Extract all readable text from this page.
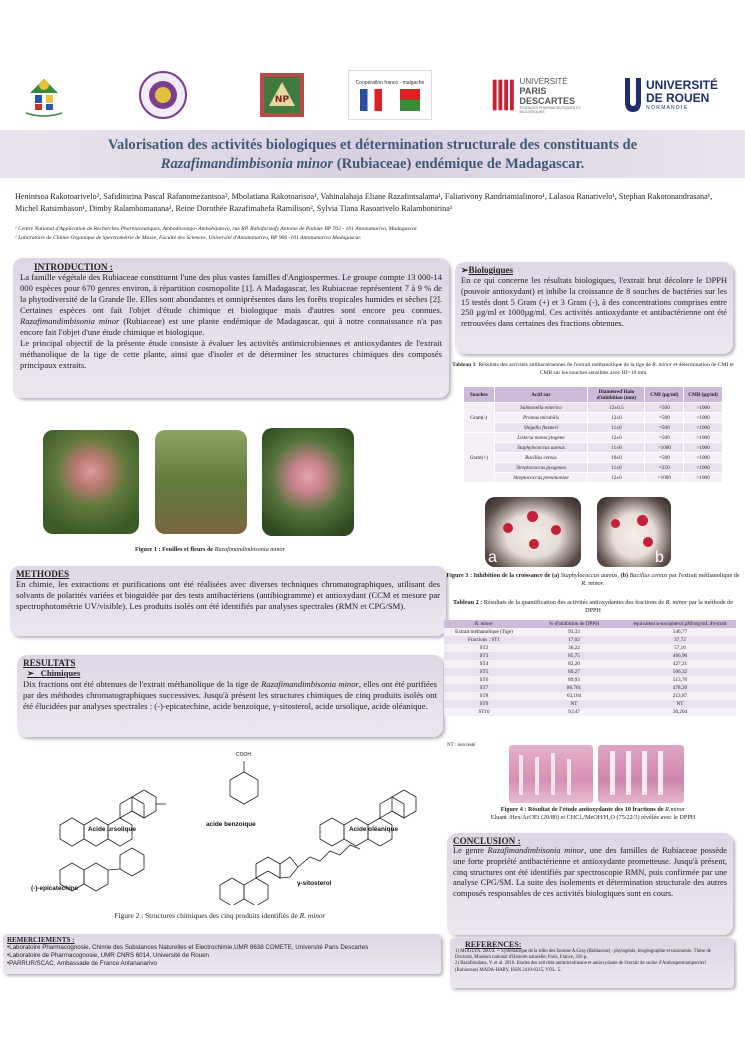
NP
Coopération franco - malgache	UNIVERSITÉ
PARIS DESCARTES
SCIENCES PHARMACEUTIQUES ET BIOLOGIQUES
UNIVERSITÉ
DE ROUEN
N O R M A N D I E
Valorisation des activités biologiques et détermination structurale des constituants de
Razafimandimbisonia minor (Rubiaceae) endémique de Madagascar.
Henintsoa Rakotoarivelo², Safidinirina Pascal Rafanomezantsoa², Mbolatiana Rakotoarisoa¹, Vahinalahaja Eliane Razafintsalama¹, Faliarivony Randriamialinoro¹, Lalasoa Ranarivelo¹, Stephan Rakotonandrasana¹, Michel Ratsimbason¹, Dimby Ralambomanana², Reine Dorothée Razafimahefa Ramilison², Sylvia Tiana Rasoarivelo Ralambonirina¹
¹ Centre National d'Application de Recherches Pharmaceutiques, Ambodivoanjo- Ambohijatovo, rue RP. Rahafarizafy Antoine de Padoue BP 702 - 101 Antananarivo, Madagascar.
² Laboratoire de Chimie Organique de Spectrométrie de Masse, Faculté des Sciences, Université d'Antananarivo, BP 906 -101 Antananarivo Madagascar.
INTRODUCTION :
La famille végétale des Rubiaceae constituent l'une des plus vastes familles d'Angiospermes. Le groupe compte 13 000-14 000 espèces pour 670 genres environ, à répartition cosmopolite [1]. A Madagascar, les Rubiaceae représentent 7 à 9 % de la phytodiversité de la Grande Ile. Elles sont abondantes et omniprésentes dans les forêts tropicales humides et sèches [2]. Certaines espèces ont fait l'objet d'étude chimique et biologique mais d'autres sont encore peu connues. Razafimandimbisonia minor (Rubiaceae) est une plante endémique de Madagascar, qui à notre connaissance n'a pas encore fait l'objet d'une étude chimique et biologique.
Le principal objectif de la présente étude consiste à évaluer les activités antimicrobiennes et antioxydantes de l'extrait méthanolique de la tige de cette plante, ainsi que d'isoler et de déterminer les structures chimiques des composés principaux extraits.
Figure 1 : Feuilles et fleurs de Razafimandimbisonia minor
METHODES
En chimie, les extractions et purifications ont été réalisées avec diverses techniques chromatographiques, utilisant des solvants de polarités variées et bioguidée par des tests antibactériens (antibiogramme) et antioxydant (CCM et mesure par spectrophotométrie UV/visible). Les produits isolés ont été identifiés par analyses spectrales (RMN et CPG/SM).
RESULTATS
➢   Chimiques
Dix fractions ont été obtenues de l'extrait méthanolique de la tige de Razafimandimbisonia minor, elles ont été purifiées par des méthodes chromatographiques successives. Jusqu'à présent les structures chimiques de cinq produits isolés ont été élucidées par analyses spectrales : (-)-epicatechine, acide benzoique, γ-sitosterol, acide ursolique, acide oléanique.
COOH
Acide ursolique
acide benzoique
Acide oléanique
(-)-epicatechine
γ-sitosterol
Figure 2 : Structures chimiques des cinq produits identifiés de R. minor
REMERCIEMENTS :
•Laboratoire Pharmacognosie, Chimie des Substances Naturelles et Electrochimie,UMR 8638 COMETE, Université Paris Descartes
•Laboratoire de Pharmacognosie, UMR CNRS 6014, Université de Rouen
•PARRUR/SCAC, Ambassade de France Antananarivo
➢Biologiques
En ce qui concerne les résultats biologiques, l'extrait brut décolore le DPPH (pouvoir antioxydant) et inhibe la croissance de 8 souches de bactéries sur les 15 testés dont 5 Gram (+) et 3 Gram (-), à des concentrations comprises entre 250 µg/ml et 1000µg/ml. Ces activités antioxydante et antibactérienne ont été retrouvées dans certaines des fractions obtenues.
Tableau 1: Résultats des activités antibactériennes de l'extrait méthanolique de la tige de R. minor et détermination de CMI et CMB sur les souches sensibles avec HI=10 mm
Souches	Actif sur	Diamètred'Halo d'inhibition (mm)	CMI (µg/ml)	CMB (µg/ml)
Gram(-)	Salmonella enterica	12±0.5	=500	>1000
	Proteus mirabilis	12±0	=500	>1000
	Shigella flexneri	11±0	=500	>1000
Gram(+)	Listeria monocytogene	12±0	=500	>1000
	Staphylococcus aureus	11±0	>1000	>1000
	Bacillus cereus	10±0	=500	>1000
	Streptococcus pyogenes	11±0	=250	>1000
	Streptococcus pneumoniae	12±0	>1000	>1000
a	b
Figure 3 : Inhibition de la croissance de (a) Staphylococcus aureus, (b) Bacillus cereus par l'extrait méthanolique de R. minor.
Tableau 2 : Résultats de la quantification des activités antioxydantes des fractions de R. minor par la méthode de DPPH
R. minor	% d'inhibition de DPPH	équivalent α-tocophérol µM/mg/mL d'extrait
Extrait méthanolique (Tige)	93,33	546,77
Fractions : ST1	17,02	37,72
ST2	36,22	57,16
ST3	85,75	466,90
ST4	82,20	427,21
ST5	89,27	506,32
ST6	89,93	513,76
ST7	86,761	478,20
ST8	63,164	213,87
ST9	NT	NT
ST10	9,547	30,204
NT : non testé
Figure 4 : Résultat de l'étude antioxydante des 10 fractions de R.minor
Eluant :Hex/AcOEt (20/80) et CHCl₃/MeOH/H₂O (75/22/3) révélée avec le DPPH
CONCLUSION :
Le genre Razafimandimbisonia minor, une des familles de Rubiaceae possède une forte propriété antibactérienne et antioxydante prometteuse. Jusqu'à présent, cinq structures ont été identifiés par spectroscopie RMN, puis confirmée par une analyse CPG/SM. La suite des isolements et détermination structurale des autres composés responsables de ces activités biologiques sont en cours.
REFERENCES:
1) MOULYA. 2007a. -- Systématique de la tribu des Ixoreae A.Gray (Rubiaceae) : phylogénie, biogéographie et taxonomie. Thèse de Doctorat, Muséum national d'Histoire naturelle, Paris, France, 310 p.
2) Razafimalana, V. et al. 2016. Etudes des activités antimicrobienne et antioxydante de l'extrait de racine d'Anthospermumperrieri (Rubiaceae) MADA-HARY, ISSN 2410-0315, VOL. 5.
